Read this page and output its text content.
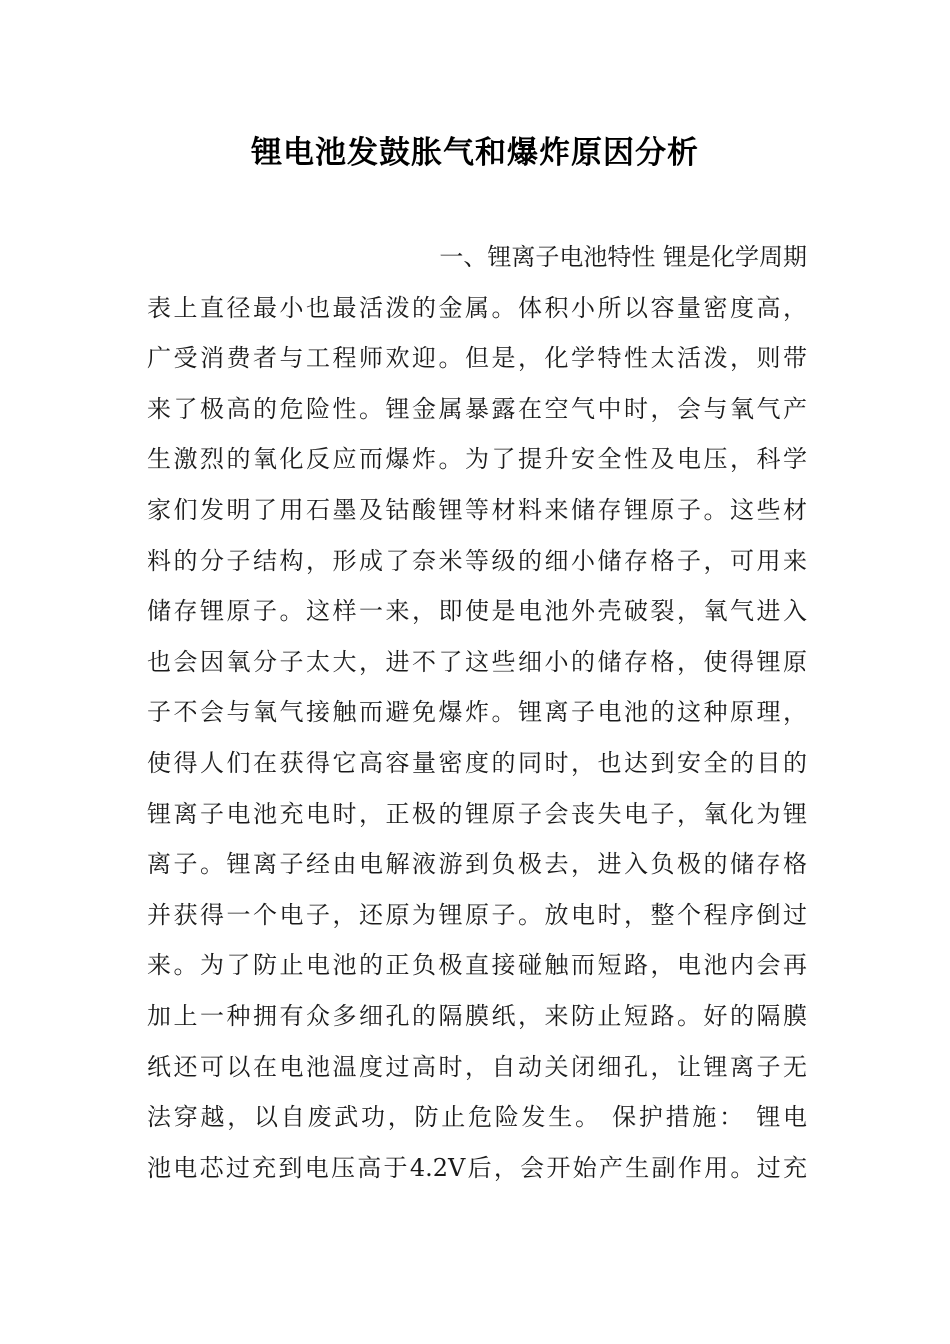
锂电池发鼓胀气和爆炸原因分析
一、锂离子电池特性 锂是化学周期
表上直径最小也最活泼的金属。体积小所以容量密度高，
广受消费者与工程师欢迎。但是，化学特性太活泼，则带
来了极高的危险性。锂金属暴露在空气中时，会与氧气产
生激烈的氧化反应而爆炸。为了提升安全性及电压，科学
家们发明了用石墨及钴酸锂等材料来储存锂原子。这些材
料的分子结构，形成了奈米等级的细小储存格子，可用来
储存锂原子。这样一来，即使是电池外壳破裂，氧气进入
也会因氧分子太大，进不了这些细小的储存格，使得锂原
子不会与氧气接触而避免爆炸。锂离子电池的这种原理，
使得人们在获得它高容量密度的同时，也达到安全的目的
锂离子电池充电时，正极的锂原子会丧失电子，氧化为锂
离子。锂离子经由电解液游到负极去，进入负极的储存格
并获得一个电子，还原为锂原子。放电时，整个程序倒过
来。为了防止电池的正负极直接碰触而短路，电池内会再
加上一种拥有众多细孔的隔膜纸，来防止短路。好的隔膜
纸还可以在电池温度过高时，自动关闭细孔，让锂离子无
法穿越，以自废武功，防止危险发生。 保护措施： 锂电
池电芯过充到电压高于4.2V后，会开始产生副作用。过充
